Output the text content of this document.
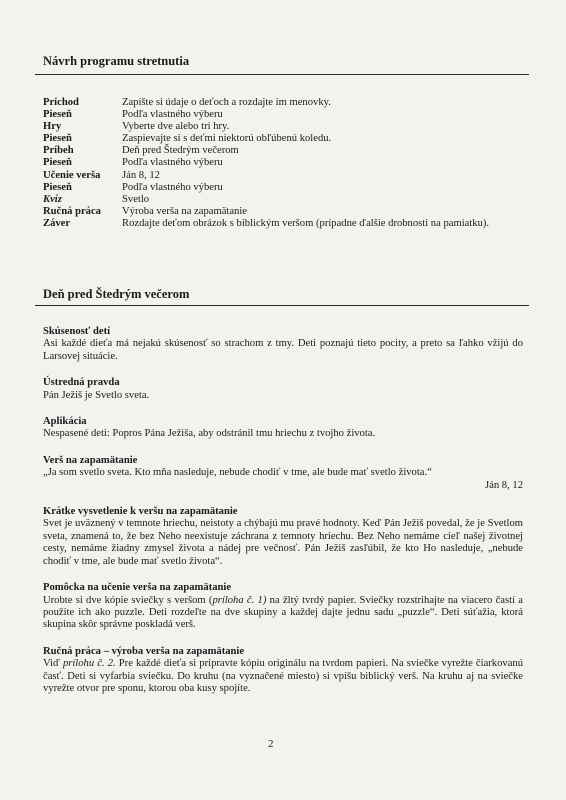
Návrh programu stretnutia
Príchod	Zapíšte si údaje o deťoch a rozdajte im menovky.
Pieseň	Podľa vlastného výberu
Hry	Vyberte dve alebo tri hry.
Pieseň	Zaspievajte si s deťmi niektorú obľúbenú koledu.
Príbeh	Deň pred Štedrým večerom
Pieseň	Podľa vlastného výberu
Učenie verša	Ján 8, 12
Pieseň	Podľa vlastného výberu
Kvíz	Svetlo
Ručná práca	Výroba verša na zapamätanie
Záver	Rozdajte deťom obrázok s biblickým veršom (prípadne ďalšie drobnosti na pamiatku).
Deň pred Štedrým večerom
Skúsenosť detí
Asi každé dieťa má nejakú skúsenosť so strachom z tmy. Deti poznajú tieto pocity, a preto sa ľahko vžijú do Larsovej situácie.
Ústredná pravda
Pán Ježiš je Svetlo sveta.
Aplikácia
Nespasené deti: Popros Pána Ježiša, aby odstránil tmu hriechu z tvojho života.
Verš na zapamätanie
„Ja som svetlo sveta. Kto mňa nasleduje, nebude chodiť v tme, ale bude mať svetlo života.“
Ján 8, 12
Krátke vysvetlenie k veršu na zapamätanie
Svet je uväznený v temnote hriechu, neistoty a chýbajú mu pravé hodnoty. Keď Pán Ježiš povedal, že je Svetlom sveta, znamená to, že bez Neho neexistuje záchrana z temnoty hriechu. Bez Neho nemáme cieľ našej životnej cesty, nemáme žiadny zmysel života a nádej pre večnosť. Pán Ježiš zasľúbil, že kto Ho nasleduje, „nebude chodiť v tme, ale bude mať svetlo života“.
Pomôcka na učenie verša na zapamätanie
Urobte si dve kópie sviečky s veršom (príloha č. 1) na žltý tvrdý papier. Sviečky rozstrihajte na viacero častí a použite ich ako puzzle. Deti rozdeľte na dve skupiny a každej dajte jednu sadu „puzzle“. Deti súťažia, ktorá skupina skôr správne poskladá verš.
Ručná práca – výroba verša na zapamätanie
Viď prílohu č. 2. Pre každé dieťa si pripravte kópiu originálu na tvrdom papieri. Na sviečke vyrežte čiarkovanú časť. Deti si vyfarbia sviečku. Do kruhu (na vyznačené miesto) si vpíšu biblický verš. Na kruhu aj na sviečke vyrežte otvor pre sponu, ktorou oba kusy spojíte.
2
